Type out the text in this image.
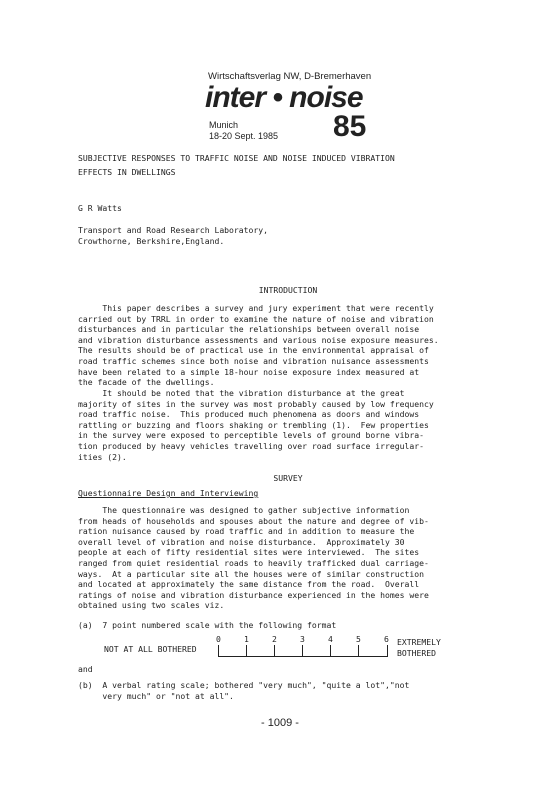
Wirtschaftsverlag NW, D-Bremerhaven
inter • noise
Munich
18-20 Sept. 1985 85
SUBJECTIVE RESPONSES TO TRAFFIC NOISE AND NOISE INDUCED VIBRATION
EFFECTS IN DWELLINGS
G R Watts
Transport and Road Research Laboratory,
Crowthorne, Berkshire,England.
INTRODUCTION
This paper describes a survey and jury experiment that were recently
carried out by TRRL in order to examine the nature of noise and vibration
disturbances and in particular the relationships between overall noise
and vibration disturbance assessments and various noise exposure measures.
The results should be of practical use in the environmental appraisal of
road traffic schemes since both noise and vibration nuisance assessments
have been related to a simple 18-hour noise exposure index measured at
the facade of the dwellings.
It should be noted that the vibration disturbance at the great
majority of sites in the survey was most probably caused by low frequency
road traffic noise.  This produced much phenomena as doors and windows
rattling or buzzing and floors shaking or trembling (1).  Few properties
in the survey were exposed to perceptible levels of ground borne vibra-
tion produced by heavy vehicles travelling over road surface irregular-
ities (2).
SURVEY
Questionnaire Design and Interviewing
The questionnaire was designed to gather subjective information
from heads of households and spouses about the nature and degree of vib-
ration nuisance caused by road traffic and in addition to measure the
overall level of vibration and noise disturbance.  Approximately 30
people at each of fifty residential sites were interviewed.  The sites
ranged from quiet residential roads to heavily trafficked dual carriage-
ways.  At a particular site all the houses were of similar construction
and located at approximately the same distance from the road.  Overall
ratings of noise and vibration disturbance experienced in the homes were
obtained using two scales viz.
(a)  7 point numbered scale with the following format
0	1	2	3	4	5	6
NOT AT ALL BOTHERED
EXTREMELY
BOTHERED
and
(b)  A verbal rating scale; bothered "very much", "quite a lot","not
very much" or "not at all".
- 1009 -
